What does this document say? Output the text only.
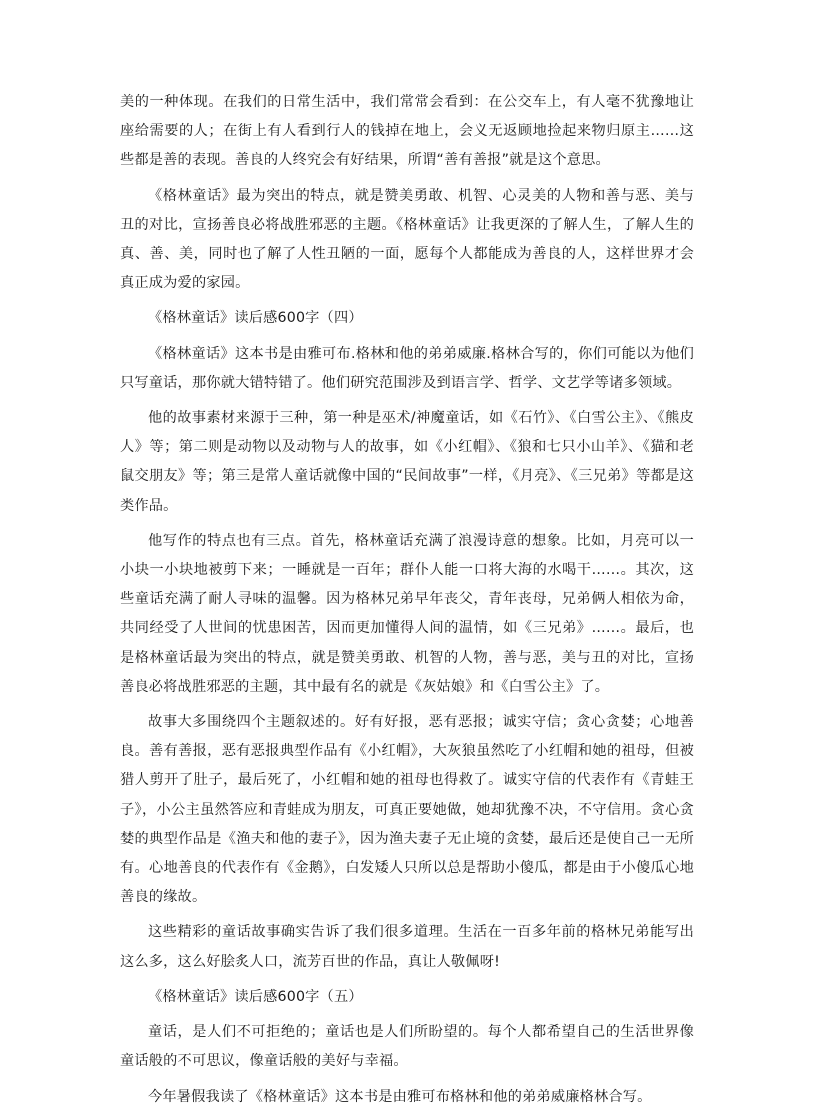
美的一种体现。在我们的日常生活中，我们常常会看到：在公交车上，有人毫不犹豫地让座给需要的人；在街上有人看到行人的钱掉在地上，会义无返顾地捡起来物归原主……这些都是善的表现。善良的人终究会有好结果，所谓“善有善报”就是这个意思。

《格林童话》最为突出的特点，就是赞美勇敢、机智、心灵美的人物和善与恶、美与丑的对比，宣扬善良必将战胜邪恶的主题。《格林童话》让我更深的了解人生，了解人生的真、善、美，同时也了解了人性丑陋的一面，愿每个人都能成为善良的人，这样世界才会真正成为爱的家园。

《格林童话》读后感600字（四）

《格林童话》这本书是由雅可布.格林和他的弟弟威廉.格林合写的，你们可能以为他们只写童话，那你就大错特错了。他们研究范围涉及到语言学、哲学、文艺学等诸多领域。

他的故事素材来源于三种，第一种是巫术/神魔童话，如《石竹》、《白雪公主》、《熊皮人》等；第二则是动物以及动物与人的故事，如《小红帽》、《狼和七只小山羊》、《猫和老鼠交朋友》等；第三是常人童话就像中国的“民间故事”一样，《月亮》、《三兄弟》等都是这类作品。

他写作的特点也有三点。首先，格林童话充满了浪漫诗意的想象。比如，月亮可以一小块一小块地被剪下来；一睡就是一百年；群仆人能一口将大海的水喝干……。其次，这些童话充满了耐人寻味的温馨。因为格林兄弟早年丧父，青年丧母，兄弟俩人相依为命，共同经受了人世间的忧患困苦，因而更加懂得人间的温情，如《三兄弟》……。最后，也是格林童话最为突出的特点，就是赞美勇敢、机智的人物，善与恶，美与丑的对比，宣扬善良必将战胜邪恶的主题，其中最有名的就是《灰姑娘》和《白雪公主》了。

故事大多围绕四个主题叙述的。好有好报，恶有恶报；诚实守信；贪心贪婪；心地善良。善有善报，恶有恶报典型作品有《小红帽》，大灰狼虽然吃了小红帽和她的祖母，但被猎人剪开了肚子，最后死了，小红帽和她的祖母也得救了。诚实守信的代表作有《青蛙王子》，小公主虽然答应和青蛙成为朋友，可真正要她做，她却犹豫不决，不守信用。贪心贪婪的典型作品是《渔夫和他的妻子》，因为渔夫妻子无止境的贪婪，最后还是使自己一无所有。心地善良的代表作有《金鹅》，白发矮人只所以总是帮助小傻瓜，都是由于小傻瓜心地善良的缘故。

这些精彩的童话故事确实告诉了我们很多道理。生活在一百多年前的格林兄弟能写出这么多，这么好脍炙人口，流芳百世的作品，真让人敬佩呀!

《格林童话》读后感600字（五）

童话，是人们不可拒绝的；童话也是人们所盼望的。每个人都希望自己的生活世界像童话般的不可思议，像童话般的美好与幸福。

今年暑假我读了《格林童话》这本书是由雅可布格林和他的弟弟威廉格林合写。
